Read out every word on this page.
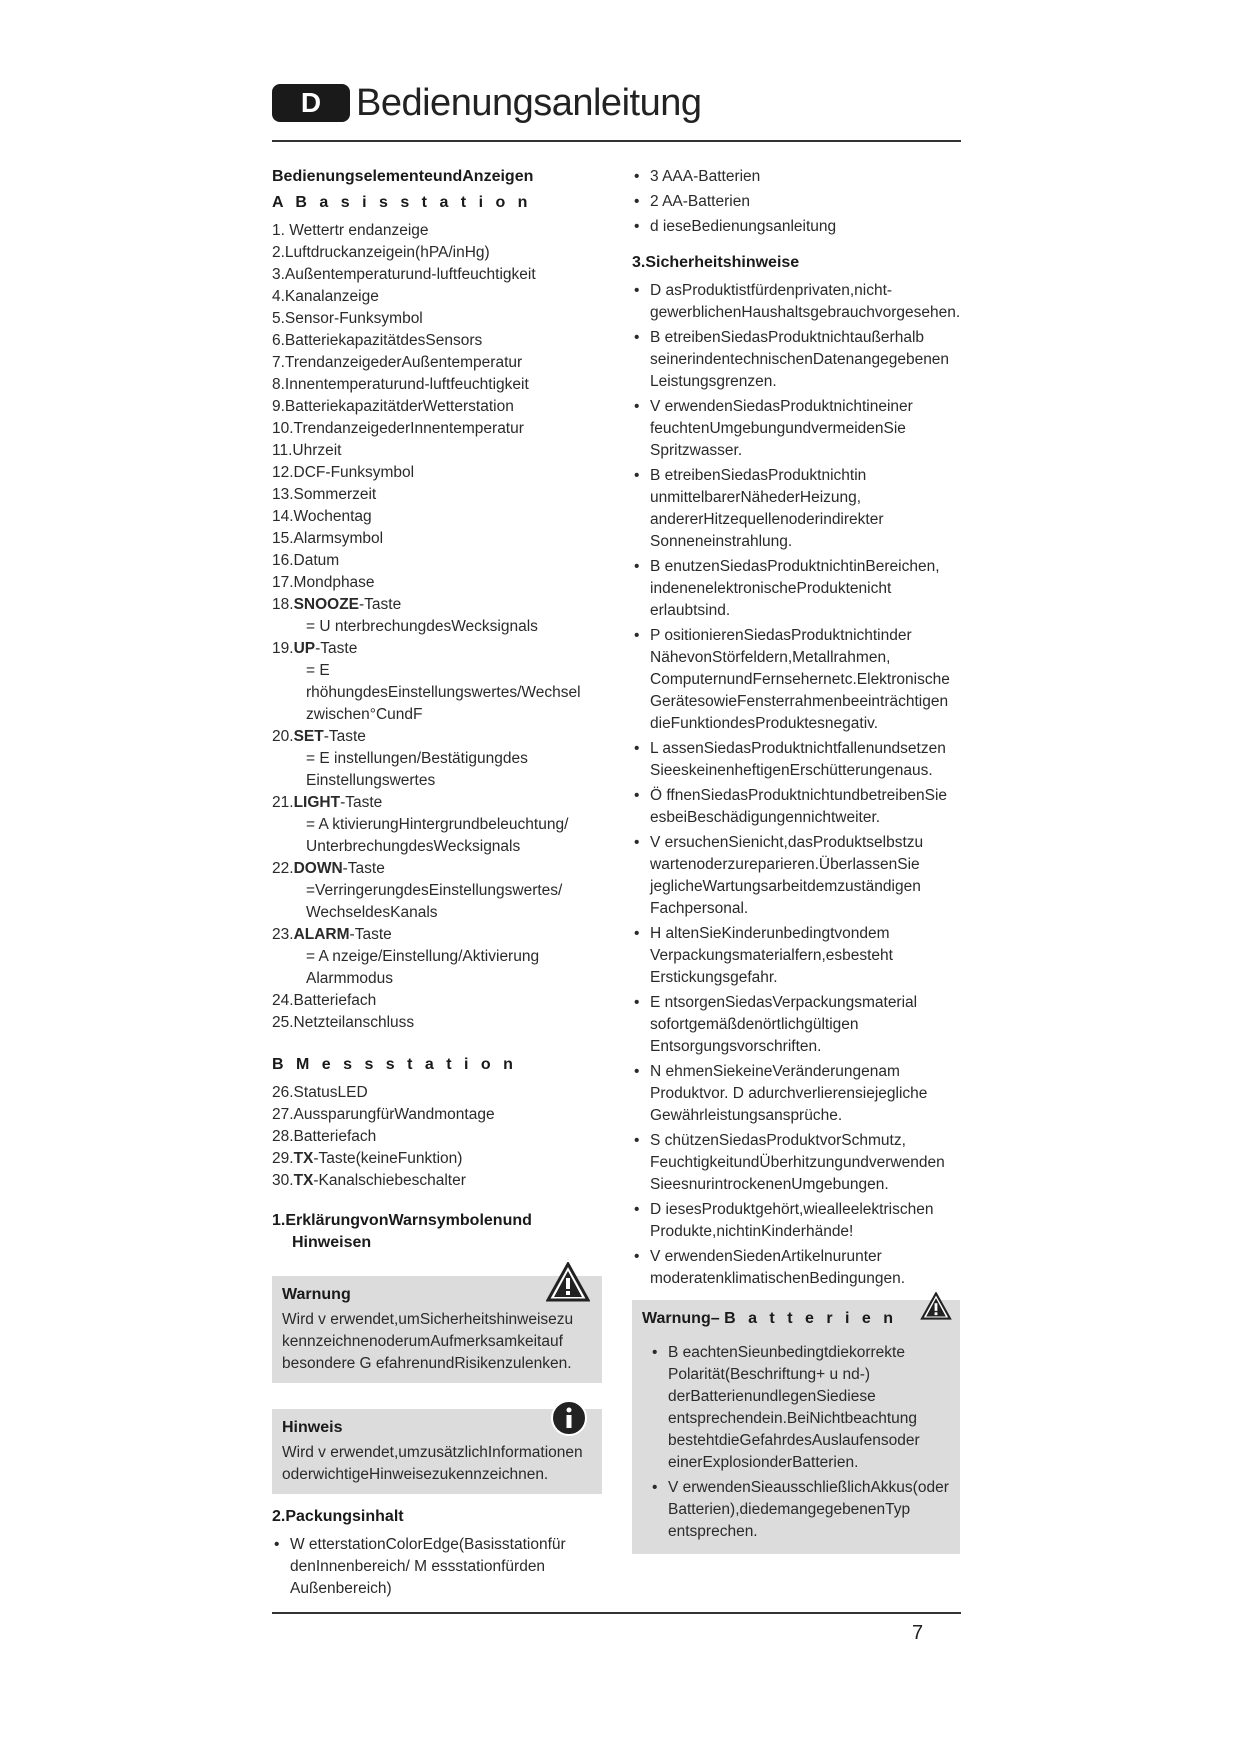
D Bedienungsanleitung
BedienungselementeundAnzeigen
A B a s i s s t a t i o n
1. Wettertr endanzeige
2.Luftdruckanzeigein(hPA/inHg)
3.Außentemperaturund-luftfeuchtigkeit
4.Kanalanzeige
5.Sensor-Funksymbol
6.BatteriekapazitätdesSensors
7.TrendanzeigederAußentemperatur
8.Innentemperaturund-luftfeuchtigkeit
9.BatteriekapazitätderWetterstation
10.TrendanzeigederInnentemperatur
11.Uhrzeit
12.DCF-Funksymbol
13.Sommerzeit
14.Wochentag
15.Alarmsymbol
16.Datum
17.Mondphase
18.SNOOZE-Taste
= U nterbrechungdesWecksignals
19.UP-Taste
= E rhöhungdesEinstellungswertes/Wechsel
zwischen°CundF
20.SET-Taste
= E instellungen/Bestätigungdes
Einstellungswertes
21.LIGHT-Taste
= A ktivierungHintergrundbeleuchtung/
UnterbrechungdesWecksignals
22.DOWN-Taste
=VerringerungdesEinstellungswertes/
WechseldesKanals
23.ALARM-Taste
= A nzeige/Einstellung/Aktivierung
Alarmmodus
24.Batteriefach
25.Netzteilanschluss
B M e s s s t a t i o n
26.StatusLED
27.AussparungfürWandmontage
28.Batteriefach
29.TX-Taste(keineFunktion)
30.TX-Kanalschiebeschalter
1.ErklärungvonWarnsymbolenund
Hinweisen
Warnung
Wird v erwendet,umSicherheitshinweisezu
kennzeichnenoderumAufmerksamkeitauf
besondere G efahrenundRisikenzulenken.
Hinweis
Wird v erwendet,umzusätzlichInformationen
oderwichtigeHinweisezukennzeichnen.
2.Packungsinhalt
• W etterstationColorEdge(Basisstationfür
denInnenbereich/ M essstationfürden
Außenbereich)
• 3 AAA-Batterien
• 2 AA-Batterien
• d ieseBedienungsanleitung
3.Sicherheitshinweise
• D asProduktistfürdenprivaten,nicht-
gewerblichenHaushaltsgebrauchvorgesehen.
• B etreibenSiedasProduktnichtaußerhalb
seinerindentechnischenDatenangegebenen
Leistungsgrenzen.
• V erwendenSiedasProduktnichtineiner
feuchtenUmgebungundvermeidenSie
Spritzwasser.
• B etreibenSiedasProduktnichtin
unmittelbarerNähederHeizung,
andererHitzequellenoderindirekter
Sonneneinstrahlung.
• B enutzenSiedasProduktnichtinBereichen,
indenenelektronischeProduktenicht
erlaubtsind.
• P ositionierenSiedasProduktnichtinder
NähevonStörfeldern,Metallrahmen,
ComputernundFernsehernetc.Elektronische
GerätesowieFensterrahmenbeeinträchtigen
dieFunktiondesProduktesnegativ.
• L assenSiedasProduktnichtfallenundsetzen
SieeskeinenheftigenErschütterungenaus.
• Ö ffnenSiedasProduktnichtundbetreibenSie
esbeiBeschädigungennichtweiter.
• V ersuchenSienicht,dasProduktselbstzu
wartenoderzureparieren.ÜberlassenSie
jeglicheWartungsarbeitdemzuständigen
Fachpersonal.
• H altenSieKinderunbedingtvondem
Verpackungsmaterialfern,esbesteht
Erstickungsgefahr.
• E ntsorgenSiedasVerpackungsmaterial
sofortgemäßdenörtlichgültigen
Entsorgungsvorschriften.
• N ehmenSiekeineVeränderungenam
Produktvor. D adurchverlierensiejegliche
Gewährleistungsansprüche.
• S chützenSiedasProduktvorSchmutz,
FeuchtigkeitundÜberhitzungundverwenden
SieesnurintrockenenUmgebungen.
• D iesesProduktgehört,wiealleelektrischen
Produkte,nichtinKinderhände!
• V erwendenSiedenArtikelnurunter
moderatenklimatischenBedingungen.
Warnung– B a t t e r i e n
• B eachtenSieunbedingtdiekorrekte
Polarität(Beschriftung+ u nd-)
derBatterienundlegenSiediese
entsprechendein.BeiNichtbeachtung
bestehtdieGefahrdesAuslaufensoder
einerExplosionderBatterien.
• V erwendenSieausschließlichAkkus(oder
Batterien),diedemangegebenenTyp
entsprechen.
7
